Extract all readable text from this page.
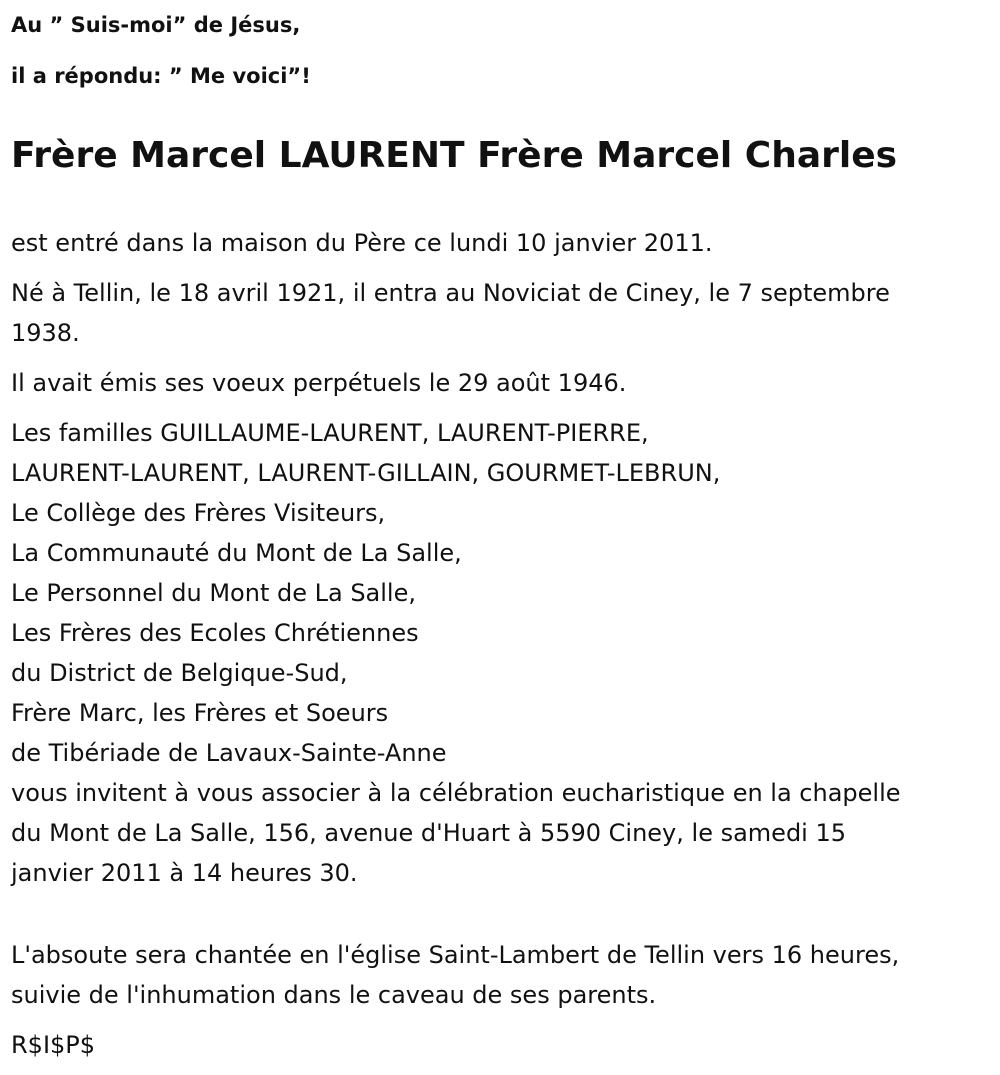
Au ” Suis-moi” de Jésus,
il a répondu: ” Me voici”!
Frère Marcel LAURENT Frère Marcel Charles

est entré dans la maison du Père ce lundi 10 janvier 2011.

Né à Tellin, le 18 avril 1921, il entra au Noviciat de Ciney, le 7 septembre
1938.

Il avait émis ses voeux perpétuels le 29 août 1946.

Les familles GUILLAUME-LAURENT, LAURENT-PIERRE,
LAURENT-LAURENT, LAURENT-GILLAIN, GOURMET-LEBRUN,
Le Collège des Frères Visiteurs,
La Communauté du Mont de La Salle,
Le Personnel du Mont de La Salle,
Les Frères des Ecoles Chrétiennes
du District de Belgique-Sud,
Frère Marc, les Frères et Soeurs
de Tibériade de Lavaux-Sainte-Anne
vous invitent à vous associer à la célébration eucharistique en la chapelle
du Mont de La Salle, 156, avenue d'Huart à 5590 Ciney, le samedi 15
janvier 2011 à 14 heures 30.

L'absoute sera chantée en l'église Saint-Lambert de Tellin vers 16 heures,
suivie de l'inhumation dans le caveau de ses parents.

R$I$P$
